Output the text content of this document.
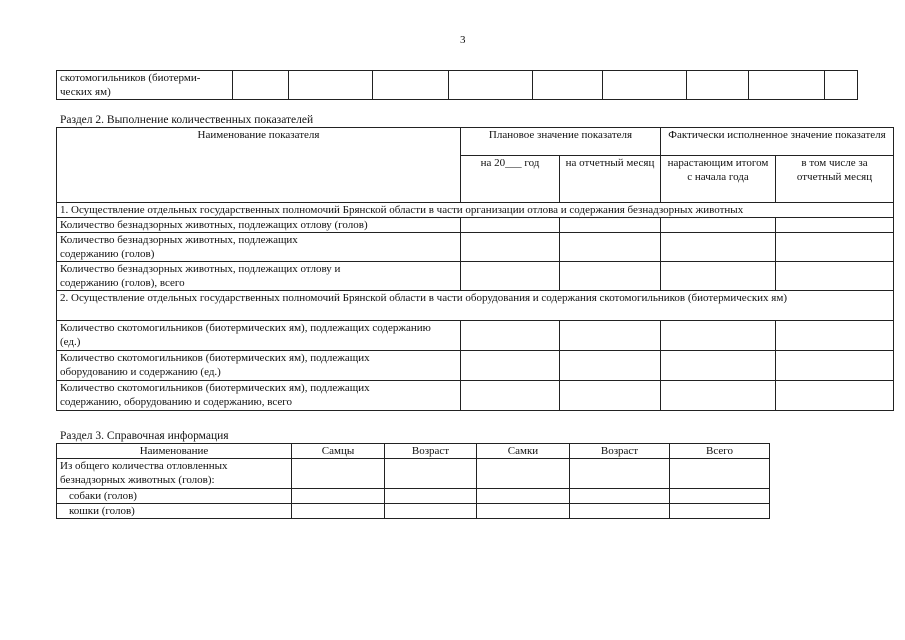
3
скотомогильников (биотерми-
ческих ям)									
Раздел 2. Выполнение количественных показателей
Наименование показателя	Плановое значение показателя		Фактически исполненное значение показателя	
	на 20___ год	на отчетный месяц	нарастающим итогом с начала года	в том числе за отчетный месяц
1. Осуществление отдельных государственных полномочий Брянской области в части организации отлова и содержания безнадзорных животных				
Количество безнадзорных животных, подлежащих отлову (голов)				
Количество безнадзорных животных, подлежащих содержанию (голов)				
Количество безнадзорных животных, подлежащих отлову и содержанию (голов), всего				
2. Осуществление отдельных государственных полномочий Брянской области в части оборудования и содержания скотомогильников (биотермических ям)				
Количество скотомогильников (биотермических ям), подлежащих содержанию (ед.)				
Количество скотомогильников (биотермических ям), подлежащих оборудованию и содержанию (ед.)				
Количество скотомогильников (биотермических ям), подлежащих содержанию, оборудованию и содержанию, всего				
Раздел 3. Справочная информация
Наименование	Самцы	Возраст	Самки	Возраст	Всего
Из общего количества отловленных безнадзорных животных (голов):					
собаки (голов)					
кошки (голов)					
